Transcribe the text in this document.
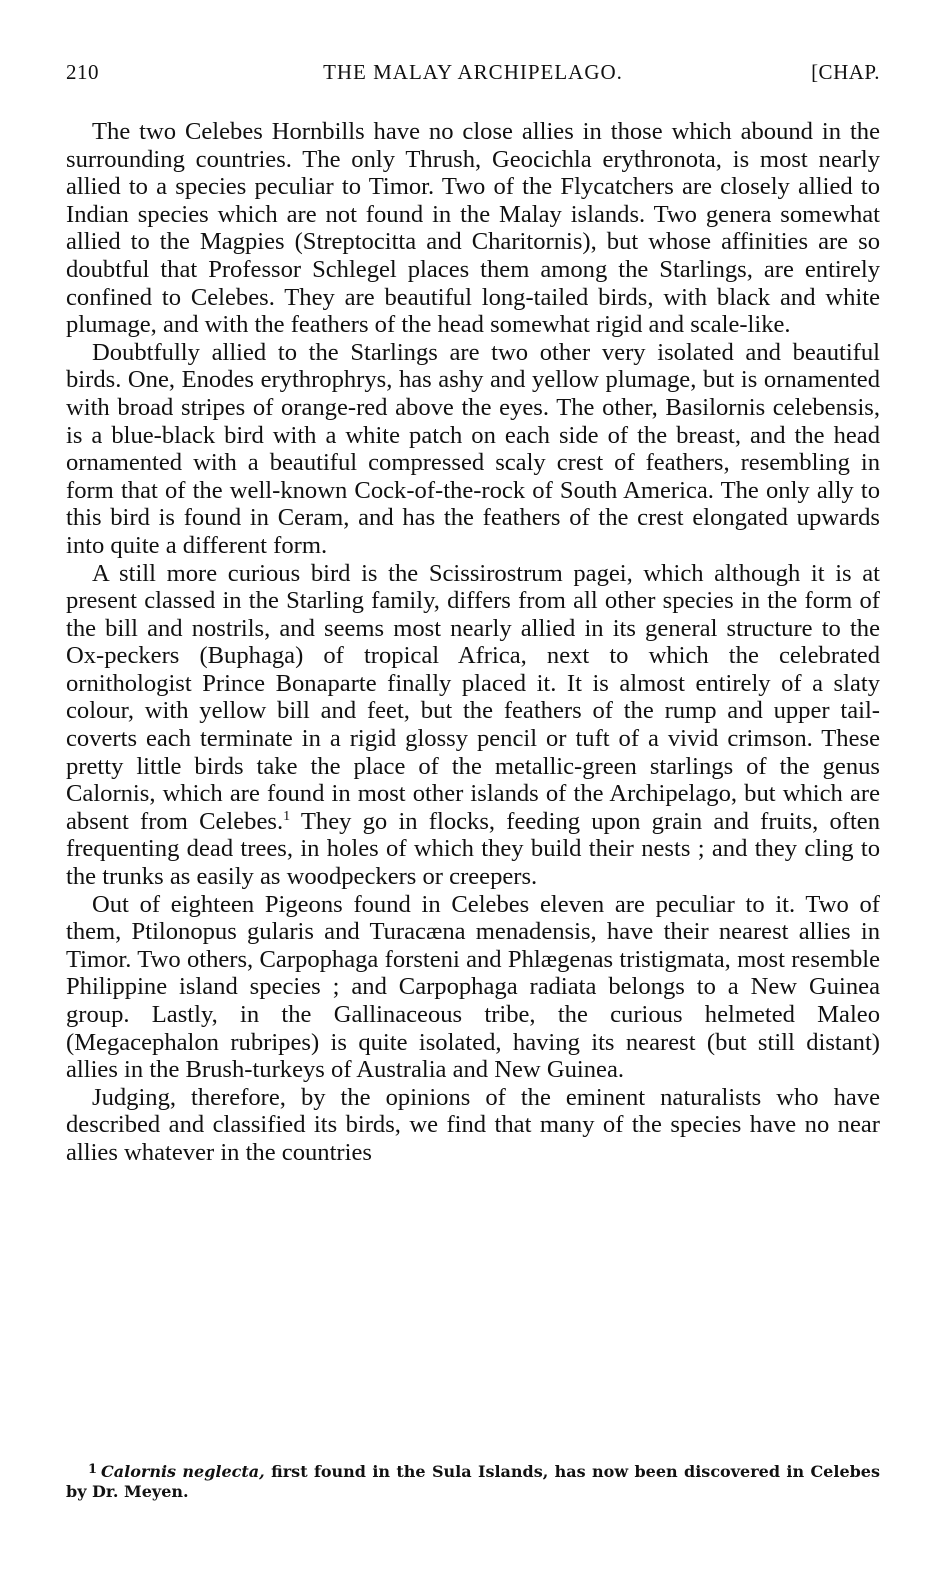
210	THE MALAY ARCHIPELAGO.	[CHAP.

The two Celebes Hornbills have no close allies in those which abound in the surrounding countries. The only Thrush, Geocichla erythronota, is most nearly allied to a species peculiar to Timor. Two of the Flycatchers are closely allied to Indian species which are not found in the Malay islands. Two genera somewhat allied to the Magpies (Streptocitta and Charitornis), but whose affinities are so doubtful that Professor Schlegel places them among the Starlings, are entirely confined to Celebes. They are beautiful long-tailed birds, with black and white plumage, and with the feathers of the head somewhat rigid and scale-like.

Doubtfully allied to the Starlings are two other very isolated and beautiful birds. One, Enodes erythrophrys, has ashy and yellow plumage, but is ornamented with broad stripes of orange-red above the eyes. The other, Basilornis celebensis, is a blue-black bird with a white patch on each side of the breast, and the head ornamented with a beautiful compressed scaly crest of feathers, resembling in form that of the well-known Cock-of-the-rock of South America. The only ally to this bird is found in Ceram, and has the feathers of the crest elongated upwards into quite a different form.

A still more curious bird is the Scissirostrum pagei, which although it is at present classed in the Starling family, differs from all other species in the form of the bill and nostrils, and seems most nearly allied in its general structure to the Ox-peckers (Buphaga) of tropical Africa, next to which the celebrated ornithologist Prince Bonaparte finally placed it. It is almost entirely of a slaty colour, with yellow bill and feet, but the feathers of the rump and upper tail-coverts each terminate in a rigid glossy pencil or tuft of a vivid crimson. These pretty little birds take the place of the metallic-green starlings of the genus Calornis, which are found in most other islands of the Archipelago, but which are absent from Celebes.$^1$ They go in flocks, feeding upon grain and fruits, often frequenting dead trees, in holes of which they build their nests ; and they cling to the trunks as easily as woodpeckers or creepers.

Out of eighteen Pigeons found in Celebes eleven are peculiar to it. Two of them, Ptilonopus gularis and Turacæna menadensis, have their nearest allies in Timor. Two others, Carpophaga forsteni and Phlægenas tristigmata, most resemble Philippine island species ; and Carpophaga radiata belongs to a New Guinea group. Lastly, in the Gallinaceous tribe, the curious helmeted Maleo (Megacephalon rubripes) is quite isolated, having its nearest (but still distant) allies in the Brush-turkeys of Australia and New Guinea.

Judging, therefore, by the opinions of the eminent naturalists who have described and classified its birds, we find that many of the species have no near allies whatever in the countries

$^1$ Calornis neglecta, first found in the Sula Islands, has now been discovered in Celebes by Dr. Meyen.
